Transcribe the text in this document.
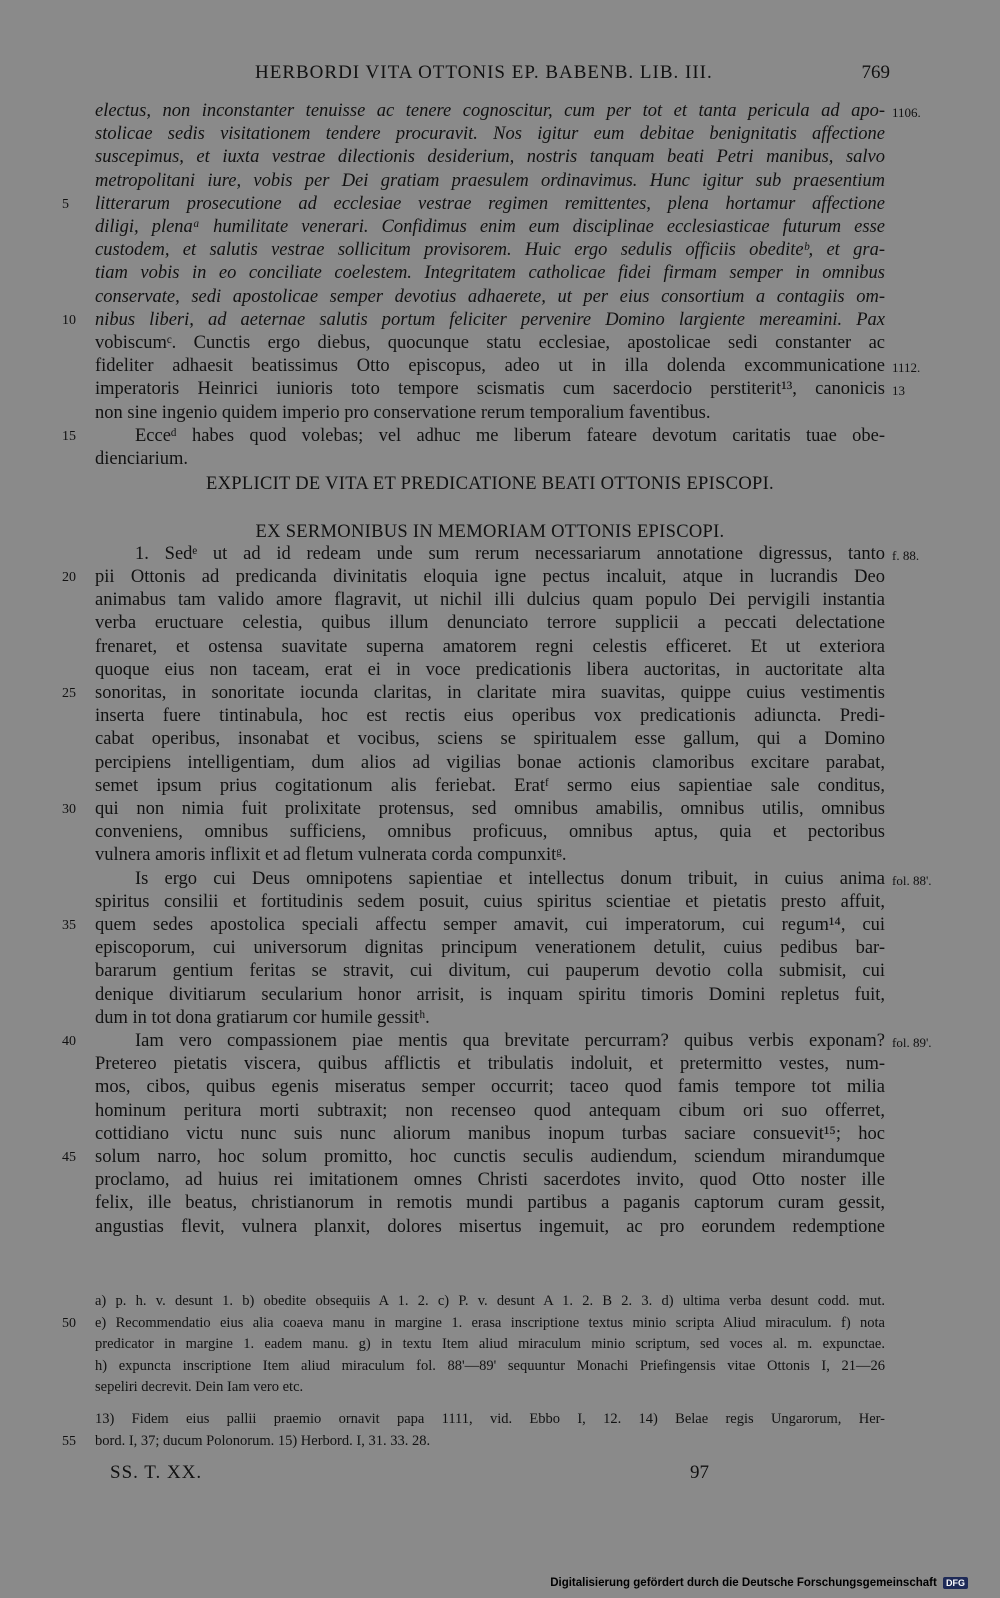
HERBORDI VITA OTTONIS EP. BABENB. LIB. III.	769
electus, non inconstanter tenuisse ac tenere cognoscitur, cum per tot et tanta pericula ad apo- 1106.
stolicae sedis visitationem tendere procuravit. Nos igitur eum debitae benignitatis affectione
suscepimus, et iuxta vestrae dilectionis desiderium, nostris tanquam beati Petri manibus, salvo
metropolitani iure, vobis per Dei gratiam praesulem ordinavimus. Hunc igitur sub praesentium
litterarum prosecutione ad ecclesiae vestrae regimen remittentes, plena hortamur affectione
5
diligi, plenaᵃ humilitate venerari. Confidimus enim eum disciplinae ecclesiasticae futurum esse
custodem, et salutis vestrae sollicitum provisorem. Huic ergo sedulis officiis obediteᵇ, et gra-
tiam vobis in eo conciliate coelestem. Integritatem catholicae fidei firmam semper in omnibus
conservate, sedi apostolicae semper devotius adhaerete, ut per eius consortium a contagiis om-
nibus liberi, ad aeternae salutis portum feliciter pervenire Domino largiente mereamini. Pax
10
vobiscumᶜ. Cunctis ergo diebus, quocunque statu ecclesiae, apostolicae sedi constanter ac
fideliter adhaesit beatissimus Otto episcopus, adeo ut in illa dolenda excommunicatione 1112.
imperatoris Heinrici iunioris toto tempore scismatis cum sacerdocio perstiterit¹³, canonicis 13
non sine ingenio quidem imperio pro conservatione rerum temporalium faventibus.
Ecceᵈ habes quod volebas; vel adhuc me liberum fateare devotum caritatis tuae obe-
15
dienciarium.
EXPLICIT DE VITA ET PREDICATIONE BEATI OTTONIS EPISCOPI.
EX SERMONIBUS IN MEMORIAM OTTONIS EPISCOPI.
1. Sedᵉ ut ad id redeam unde sum rerum necessariarum annotatione digressus, tanto f. 88.
pii Ottonis ad predicanda divinitatis eloquia igne pectus incaluit, atque in lucrandis Deo
20
animabus tam valido amore flagravit, ut nichil illi dulcius quam populo Dei pervigili instantia
verba eructuare celestia, quibus illum denunciato terrore supplicii a peccati delectatione
frenaret, et ostensa suavitate superna amatorem regni celestis efficeret. Et ut exteriora
quoque eius non taceam, erat ei in voce predicationis libera auctoritas, in auctoritate alta
sonoritas, in sonoritate iocunda claritas, in claritate mira suavitas, quippe cuius vestimentis
25
inserta fuere tintinabula, hoc est rectis eius operibus vox predicationis adiuncta. Predi-
cabat operibus, insonabat et vocibus, sciens se spiritualem esse gallum, qui a Domino
percipiens intelligentiam, dum alios ad vigilias bonae actionis clamoribus excitare parabat,
semet ipsum prius cogitationum alis feriebat. Eratᶠ sermo eius sapientiae sale conditus,
qui non nimia fuit prolixitate protensus, sed omnibus amabilis, omnibus utilis, omnibus
30
conveniens, omnibus sufficiens, omnibus proficuus, omnibus aptus, quia et pectoribus
vulnera amoris inflixit et ad fletum vulnerata corda compunxitᵍ.
Is ergo cui Deus omnipotens sapientiae et intellectus donum tribuit, in cuius anima fol. 88'.
spiritus consilii et fortitudinis sedem posuit, cuius spiritus scientiae et pietatis presto affuit,
quem sedes apostolica speciali affectu semper amavit, cui imperatorum, cui regum¹⁴, cui
35
episcoporum, cui universorum dignitas principum venerationem detulit, cuius pedibus bar-
bararum gentium feritas se stravit, cui divitum, cui pauperum devotio colla submisit, cui
denique divitiarum secularium honor arrisit, is inquam spiritu timoris Domini repletus fuit,
dum in tot dona gratiarum cor humile gessitʰ.
Iam vero compassionem piae mentis qua brevitate percurram? quibus verbis exponam?
40	fol. 89'.
Pretereo pietatis viscera, quibus afflictis et tribulatis indoluit, et pretermitto vestes, num-
mos, cibos, quibus egenis miseratus semper occurrit; taceo quod famis tempore tot milia
hominum peritura morti subtraxit; non recenseo quod antequam cibum ori suo offerret,
cottidiano victu nunc suis nunc aliorum manibus inopum turbas saciare consuevit¹⁵; hoc
solum narro, hoc solum promitto, hoc cunctis seculis audiendum, sciendum mirandumque
45
proclamo, ad huius rei imitationem omnes Christi sacerdotes invito, quod Otto noster ille
felix, ille beatus, christianorum in remotis mundi partibus a paganis captorum curam gessit,
angustias flevit, vulnera planxit, dolores misertus ingemuit, ac pro eorundem redemptione
a) p. h. v. desunt 1. b) obedite obsequiis A 1. 2. c) P. v. desunt A 1. 2. B 2. 3. d) ultima verba desunt codd. mut.
e) Recommendatio eius alia coaeva manu in margine 1. erasa inscriptione textus minio scripta Aliud miraculum. f) nota
50
predicator in margine 1. eadem manu. g) in textu Item aliud miraculum minio scriptum, sed voces al. m. expunctae.
h) expuncta inscriptione Item aliud miraculum fol. 88'—89' sequuntur Monachi Priefingensis vitae Ottonis I, 21—26
sepeliri decrevit. Dein Iam vero etc.
13) Fidem eius pallii praemio ornavit papa 1111, vid. Ebbo I, 12. 14) Belae regis Ungarorum, Her-
bord. I, 37; ducum Polonorum. 15) Herbord. I, 31. 33. 28.
55
SS. T. XX.	97
Digitalisierung gefördert durch die Deutsche Forschungsgemeinschaft DFG
